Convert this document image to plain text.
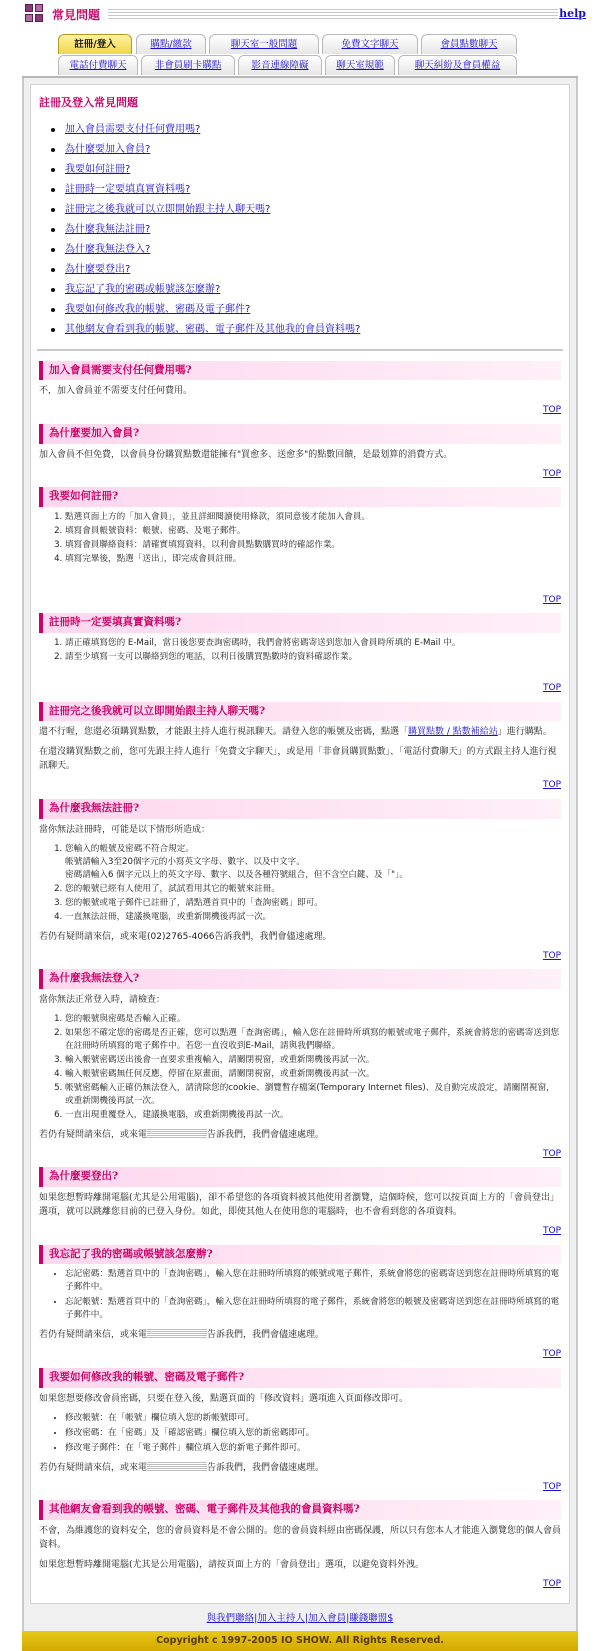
常見問題	help
註冊/登入	購點/繳款	聊天室一般問題	免費文字聊天	會員點數聊天
電話付費聊天	非會員刷卡購點	影音連線障礙	聊天室規範	聊天糾紛及會員權益
註冊及登入常見問題
加入會員需要支付任何費用嗎?
為什麼要加入會員?
我要如何註冊?
註冊時一定要填真實資料嗎?
註冊完之後我就可以立即開始跟主持人聊天嗎?
為什麼我無法註冊?
為什麼我無法登入?
為什麼要登出?
我忘記了我的密碼或帳號該怎麼辦?
我要如何修改我的帳號、密碼及電子郵件?
其他網友會看到我的帳號、密碼、電子郵件及其他我的會員資料嗎?
加入會員需要支付任何費用嗎?
不，加入會員並不需要支付任何費用。
TOP
為什麼要加入會員?
加入會員不但免費，以會員身份購買點數還能擁有"買愈多、送愈多"的點數回饋，是最划算的消費方式。
TOP
我要如何註冊?
1. 點選頁面上方的「加入會員」，並且詳細閱讀使用條款，須同意後才能加入會員。
2. 填寫會員帳號資料：帳號、密碼、及電子郵件。
3. 填寫會員聯絡資料：請確實填寫資料，以利會員點數購買時的確認作業。
4. 填寫完畢後，點選「送出」，即完成會員註冊。
TOP
註冊時一定要填真實資料嗎?
1. 請正確填寫您的 E-Mail，當日後您要查詢密碼時，我們會將密碼寄送到您加入會員時所填的 E-Mail 中。
2. 請至少填寫一支可以聯絡到您的電話，以利日後購買點數時的資料確認作業。
TOP
註冊完之後我就可以立即開始跟主持人聊天嗎?
還不行喔，您還必須購買點數，才能跟主持人進行視訊聊天。請登入您的帳號及密碼，點選「購買點數 / 點數補給站」進行購點。
在還沒購買點數之前，您可先跟主持人進行「免費文字聊天」，或是用「非會員購買點數」、「電話付費聊天」的方式跟主持人進行視訊聊天。
TOP
為什麼我無法註冊?
當你無法註冊時，可能是以下情形所造成：
1. 您輸入的帳號及密碼不符合規定。
帳號請輸入3至20個字元的小寫英文字母、數字、以及中文字。
密碼請輸入6 個字元以上的英文字母、數字、以及各種符號組合，但不含空白鍵、及「"」。
2. 您的帳號已經有人使用了，試試看用其它的帳號來註冊。
3. 您的帳號或電子郵件已註冊了，請點選首頁中的「查詢密碼」即可。
4. 一直無法註冊，建議換電腦，或重新開機後再試一次。
若仍有疑問請來信，或來電(02)2765-4066告訴我們，我們會儘速處理。
TOP
為什麼我無法登入?
當你無法正常登入時，請檢查：
1. 您的帳號與密碼是否輸入正確。
2. 如果您不確定您的密碼是否正確，您可以點選「查詢密碼」，輸入您在註冊時所填寫的帳號或電子郵件，系統會將您的密碼寄送到您在註冊時所填寫的電子郵件中。若您一直沒收到E-Mail，請與我們聯絡。
3. 輸入帳號密碼送出後會一直要求重複輸入，請關閉視窗，或重新開機後再試一次。
4. 輸入帳號密碼無任何反應，停留在原畫面，請關閉視窗，或重新開機後再試一次。
5. 帳號密碼輸入正確仍無法登入，請清除您的cookie、瀏覽暫存檔案(Temporary Internet files)、及自動完成設定，請關閉視窗，或重新開機後再試一次。
6. 一直出現重覆登入，建議換電腦，或重新開機後再試一次。
若仍有疑問請來信，或來電	告訴我們，我們會儘速處理。
TOP
為什麼要登出?
如果您想暫時離開電腦(尤其是公用電腦)，卻不希望您的各項資料被其他使用者瀏覽，這個時候，您可以按頁面上方的「會員登出」選項，就可以跳離您目前的已登入身份。如此，即使其他人在使用您的電腦時，也不會看到您的各項資料。
TOP
我忘記了我的密碼或帳號該怎麼辦?
• 忘記密碼：點選首頁中的「查詢密碼」，輸入您在註冊時所填寫的帳號或電子郵件，系統會將您的密碼寄送到您在註冊時所填寫的電子郵件中。
• 忘記帳號：點選首頁中的「查詢密碼」，輸入您在註冊時所填寫的電子郵件，系統會將您的帳號及密碼寄送到您在註冊時所填寫的電子郵件中。
若仍有疑問請來信，或來電	告訴我們，我們會儘速處理。
TOP
我要如何修改我的帳號、密碼及電子郵件?
如果您想要修改會員密碼，只要在登入後，點選頁面的「修改資料」選項進入頁面修改即可。
• 修改帳號：在「帳號」欄位填入您的新帳號即可。
• 修改密碼：在「密碼」及「確認密碼」欄位填入您的新密碼即可。
• 修改電子郵件：在「電子郵件」欄位填入您的新電子郵件即可。
若仍有疑問請來信，或來電	告訴我們，我們會儘速處理。
TOP
其他網友會看到我的帳號、密碼、電子郵件及其他我的會員資料嗎?
不會，為維護您的資料安全，您的會員資料是不會公開的。您的會員資料經由密碼保護，所以只有您本人才能進入瀏覽您的個人會員資料。
如果您想暫時離開電腦(尤其是公用電腦)，請按頁面上方的「會員登出」選項，以避免資料外洩。
TOP
與我們聯絡|加入主持人|加入會員|賺錢聯盟$
Copyright c 1997-2005 IO SHOW. All Rights Reserved.
